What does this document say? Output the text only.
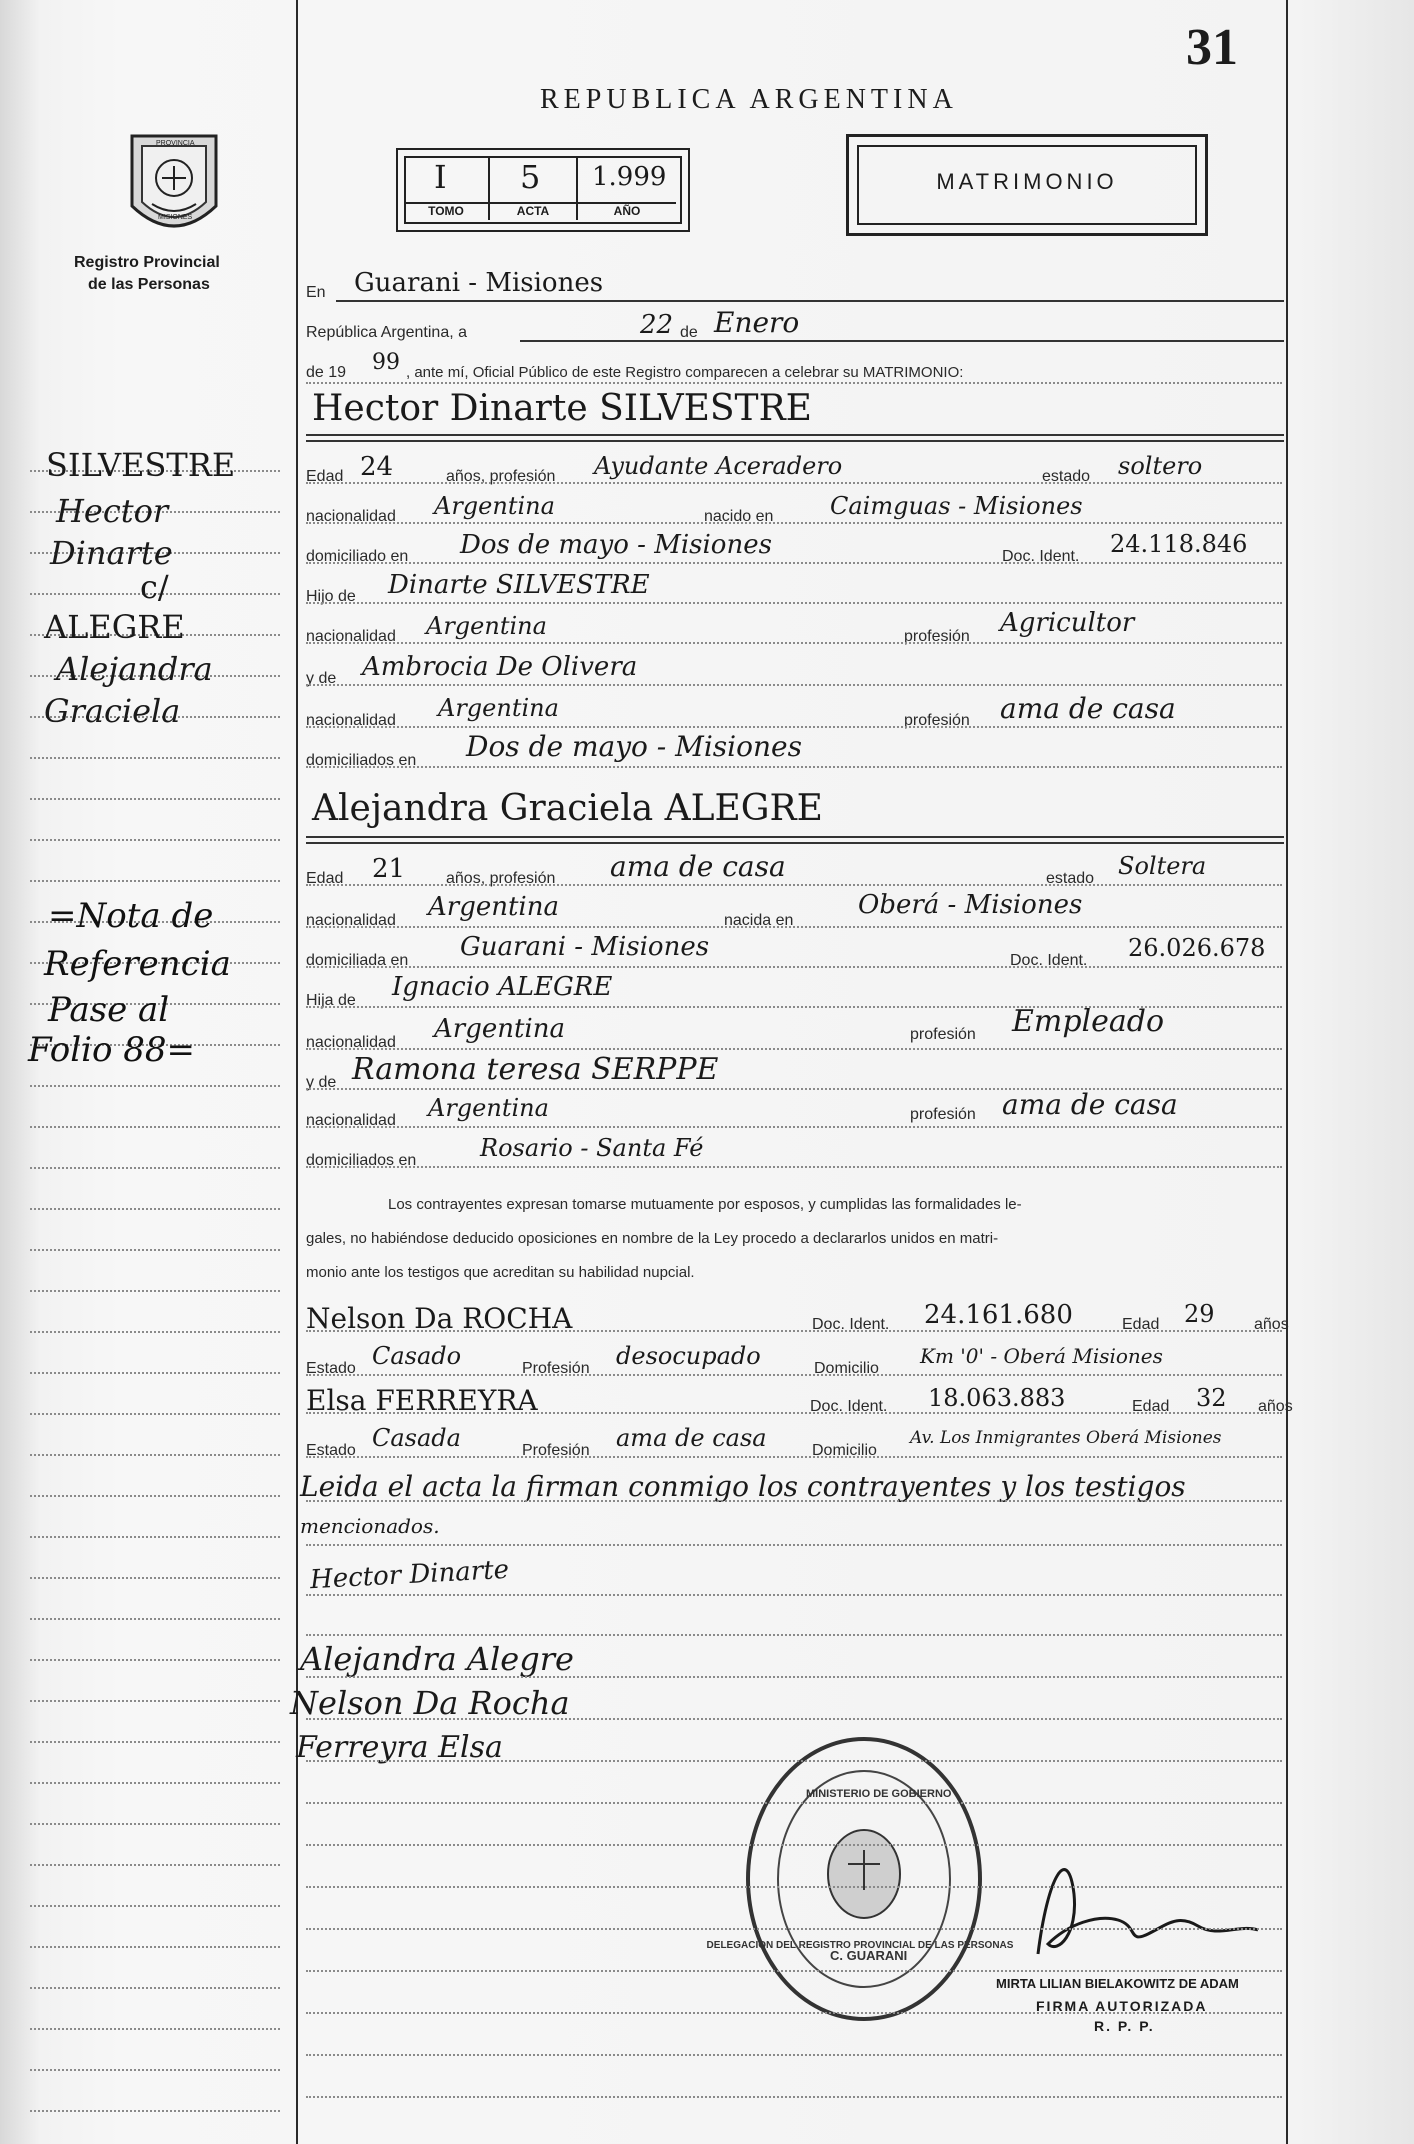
31
REPUBLICA ARGENTINA
MATRIMONIO
I
TOMO
5
ACTA
1.999
AÑO
PROVINCIA
MISIONES
Registro Provincial
de las Personas
SILVESTRE
Hector
Dinarte
c/
ALEGRE
Alejandra
Graciela
=Nota de
Referencia
Pase al
Folio 88=
En Guarani - Misiones
República Argentina, a	22 de Enero
de 19 99 , ante mí, Oficial Público de este Registro comparecen a celebrar su MATRIMONIO:
Hector Dinarte SILVESTRE
Edad 24	años, profesión Ayudante Aceradero	estado soltero
nacionalidad Argentina	nacido en Caimguas - Misiones
domiciliado en Dos de mayo - Misiones	Doc. Ident. 24.118.846
Hijo de Dinarte SILVESTRE
nacionalidad Argentina	profesión Agricultor
y de Ambrocia De Olivera
nacionalidad Argentina	profesión ama de casa
domiciliados en Dos de mayo - Misiones
Alejandra Graciela ALEGRE
Edad 21	años, profesión ama de casa	estado Soltera
nacionalidad Argentina	nacida en
Oberá - Misiones
domiciliada en Guarani - Misiones	Doc. Ident. 26.026.678
Hija de Ignacio ALEGRE
nacionalidad Argentina	profesión Empleado
y de Ramona teresa SERPPE
nacionalidad Argentina	profesión ama de casa
domiciliados en	Rosario - Santa Fé
Los contrayentes expresan tomarse mutuamente por esposos, y cumplidas las formalidades le-
gales, no habiéndose deducido oposiciones en nombre de la Ley procedo a declararlos unidos en matri-
monio ante los testigos que acreditan su habilidad nupcial.
Nelson Da ROCHA	Doc. Ident. 24.161.680	Edad 29 años
Estado Casado	Profesión desocupado	Domicilio
Km '0' - Oberá Misiones
Elsa FERREYRA	Doc. Ident. 18.063.883	Edad 32 años
Estado Casada	Profesión ama de casa	Domicilio
Av. Los Inmigrantes Oberá Misiones
Leida el acta la firman conmigo los contrayentes y los testigos
mencionados.
Hector Dinarte
Alejandra Alegre
Nelson Da Rocha
Ferreyra Elsa
MINISTERIO DE GOBIERNO
C. GUARANI
DELEGACION DEL REGISTRO PROVINCIAL DE LAS PERSONAS
MIRTA LILIAN BIELAKOWITZ DE ADAM
FIRMA AUTORIZADA
R. P. P.
